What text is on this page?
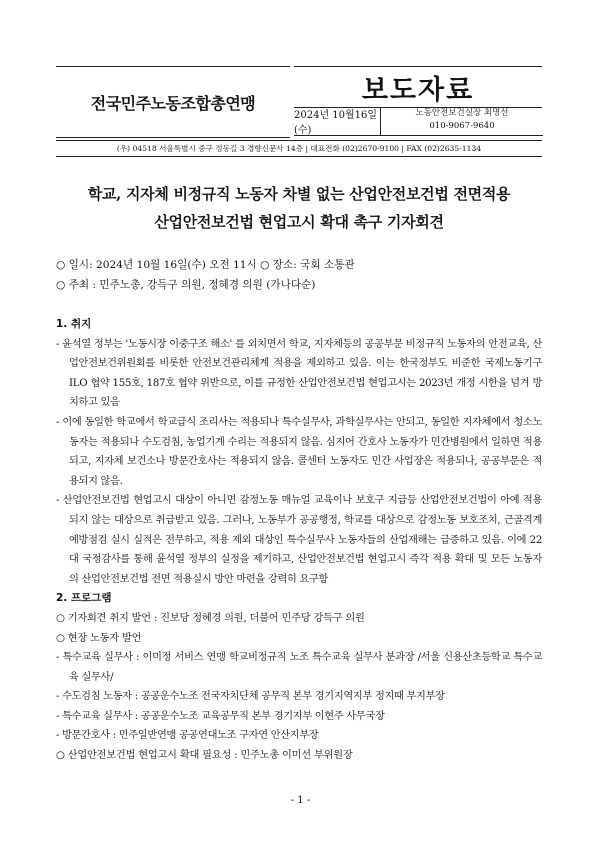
전국민주노동조합총연맹	보도자료
2024년 10월16일(수)
노동안전보건실장 최명선
010-9067-9640
(우) 04518 서울특별시 중구 정동길 3 경향신문사 14층 | 대표전화 (02)2670-9100 | FAX (02)2635-1134
학교, 지자체 비정규직 노동자 차별 없는 산업안전보건법 전면적용
산업안전보건법 현업고시 확대 촉구 기자회견
○ 일시: 2024년 10월 16일(수) 오전 11시 ○ 장소: 국회 소통관
○ 주최 : 민주노총, 강득구 의원, 정혜경 의원 (가나다순)
1. 취지
- 윤석열 정부는 '노동시장 이중구조 해소' 를 외치면서 학교, 지자체등의 공공부문 비정규직 노동자의 안전교육, 산업안전보건위원회를 비롯한 안전보건관리체계 적용을 제외하고 있음. 이는 한국정부도 비준한 국제노동기구 ILO 협약 155호, 187호 협약 위반으로, 이를 규정한 산업안전보건법 현업고시는 2023년 개정 시한을 넘겨 방치하고 있음
- 이에 동일한 학교에서 학교급식 조리사는 적용되나 특수실무사, 과학실무사는 안되고, 동일한 지자체에서 청소노동자는 적용되나 수도검침, 농업기계 수리는 적용되지 않음. 심지어 간호사 노동자가 민간병원에서 일하면 적용되고, 지자체 보건소나 방문간호사는 적용되지 않음. 콜센터 노동자도 민간 사업장은 적용되나, 공공부문은 적용되지 않음.
- 산업안전보건법 현업고시 대상이 아니면 감정노동 매뉴얼 교육이나 보호구 지급등 산업안전보건법이 아예 적용되지 않는 대상으로 취급받고 있음. 그러나, 노동부가 공공행정, 학교를 대상으로 감정노동 보호조치, 근골격계 예방점검 실시 실적은 전무하고, 적용 제외 대상인 특수실무사 노동자들의 산업재해는 급증하고 있음. 이에 22대 국정감사를 통해 윤석열 정부의 실정을 제기하고, 산업안전보건법 현업고시 즉각 적용 확대 및 모든 노동자의 산업안전보건법 전면 적용실시 방안 마련을 강력히 요구함
2. 프로그램
○ 기자회견 취지 발언 : 진보당 정혜경 의원, 더불어 민주당 강득구 의원
○ 현장 노동자 발언
- 특수교육 실무사 : 이미정 서비스 연맹 학교비정규직 노조 특수교육 실무사 분과장 /서울 신용산초등학교 특수교육 실무사/
- 수도검침 노동자 : 공공운수노조 전국자치단체 공무직 본부 경기지역지부 정지때 부지부장
- 특수교육 실무사 : 공공운수노조 교육공무직 본부 경기지부 이현주 사무국장
- 방문간호사 : 민주일반연맹 공공연대노조 구자연 안산지부장
○ 산업안전보건법 현업고시 확대 필요성 : 민주노총 이미선 부위원장
- 1 -
